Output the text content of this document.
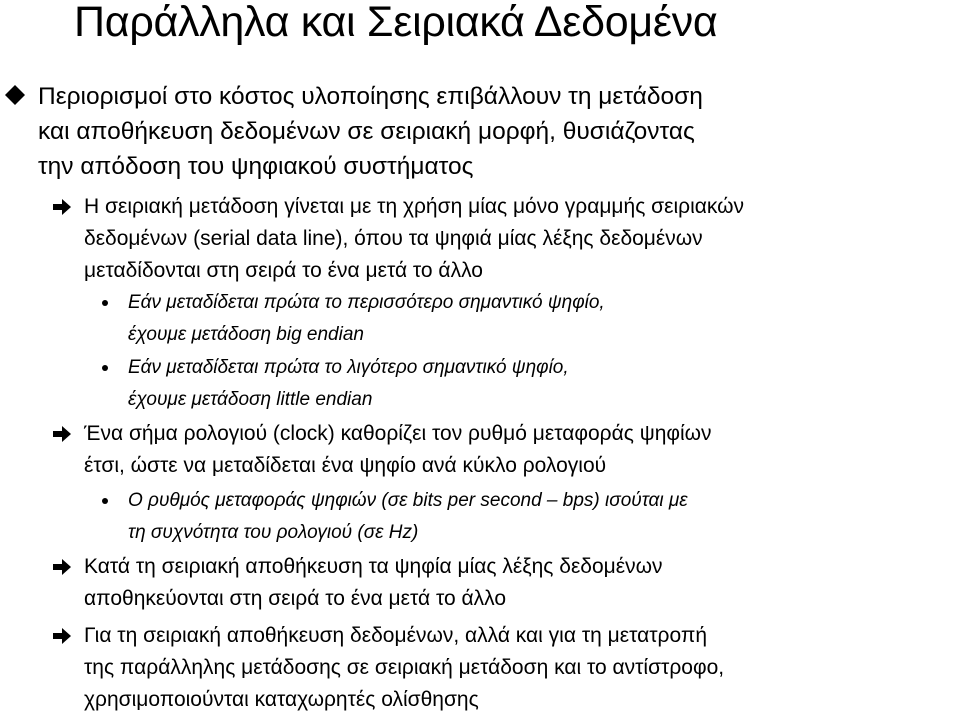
Παράλληλα και Σειριακά Δεδομένα
Περιορισμοί στο κόστος υλοποίησης επιβάλλουν τη μετάδοση
και αποθήκευση δεδομένων σε σειριακή μορφή, θυσιάζοντας
την απόδοση του ψηφιακού συστήματος
Η σειριακή μετάδοση γίνεται με τη χρήση μίας μόνο γραμμής σειριακών
δεδομένων (serial data line), όπου τα ψηφιά μίας λέξης δεδομένων
μεταδίδονται στη σειρά το ένα μετά το άλλο
Εάν μεταδίδεται πρώτα το περισσότερο σημαντικό ψηφίο,
έχουμε μετάδοση big endian
Εάν μεταδίδεται πρώτα το λιγότερο σημαντικό ψηφίο,
έχουμε μετάδοση little endian
Ένα σήμα ρολογιού (clock) καθορίζει τον ρυθμό μεταφοράς ψηφίων
έτσι, ώστε να μεταδίδεται ένα ψηφίο ανά κύκλο ρολογιού
Ο ρυθμός μεταφοράς ψηφιών (σε bits per second – bps) ισούται με
τη συχνότητα του ρολογιού (σε Hz)
Κατά τη σειριακή αποθήκευση τα ψηφία μίας λέξης δεδομένων
αποθηκεύονται στη σειρά το ένα μετά το άλλο
Για τη σειριακή αποθήκευση δεδομένων, αλλά και για τη μετατροπή
της παράλληλης μετάδοσης σε σειριακή μετάδοση και το αντίστροφο,
χρησιμοποιούνται καταχωρητές ολίσθησης
